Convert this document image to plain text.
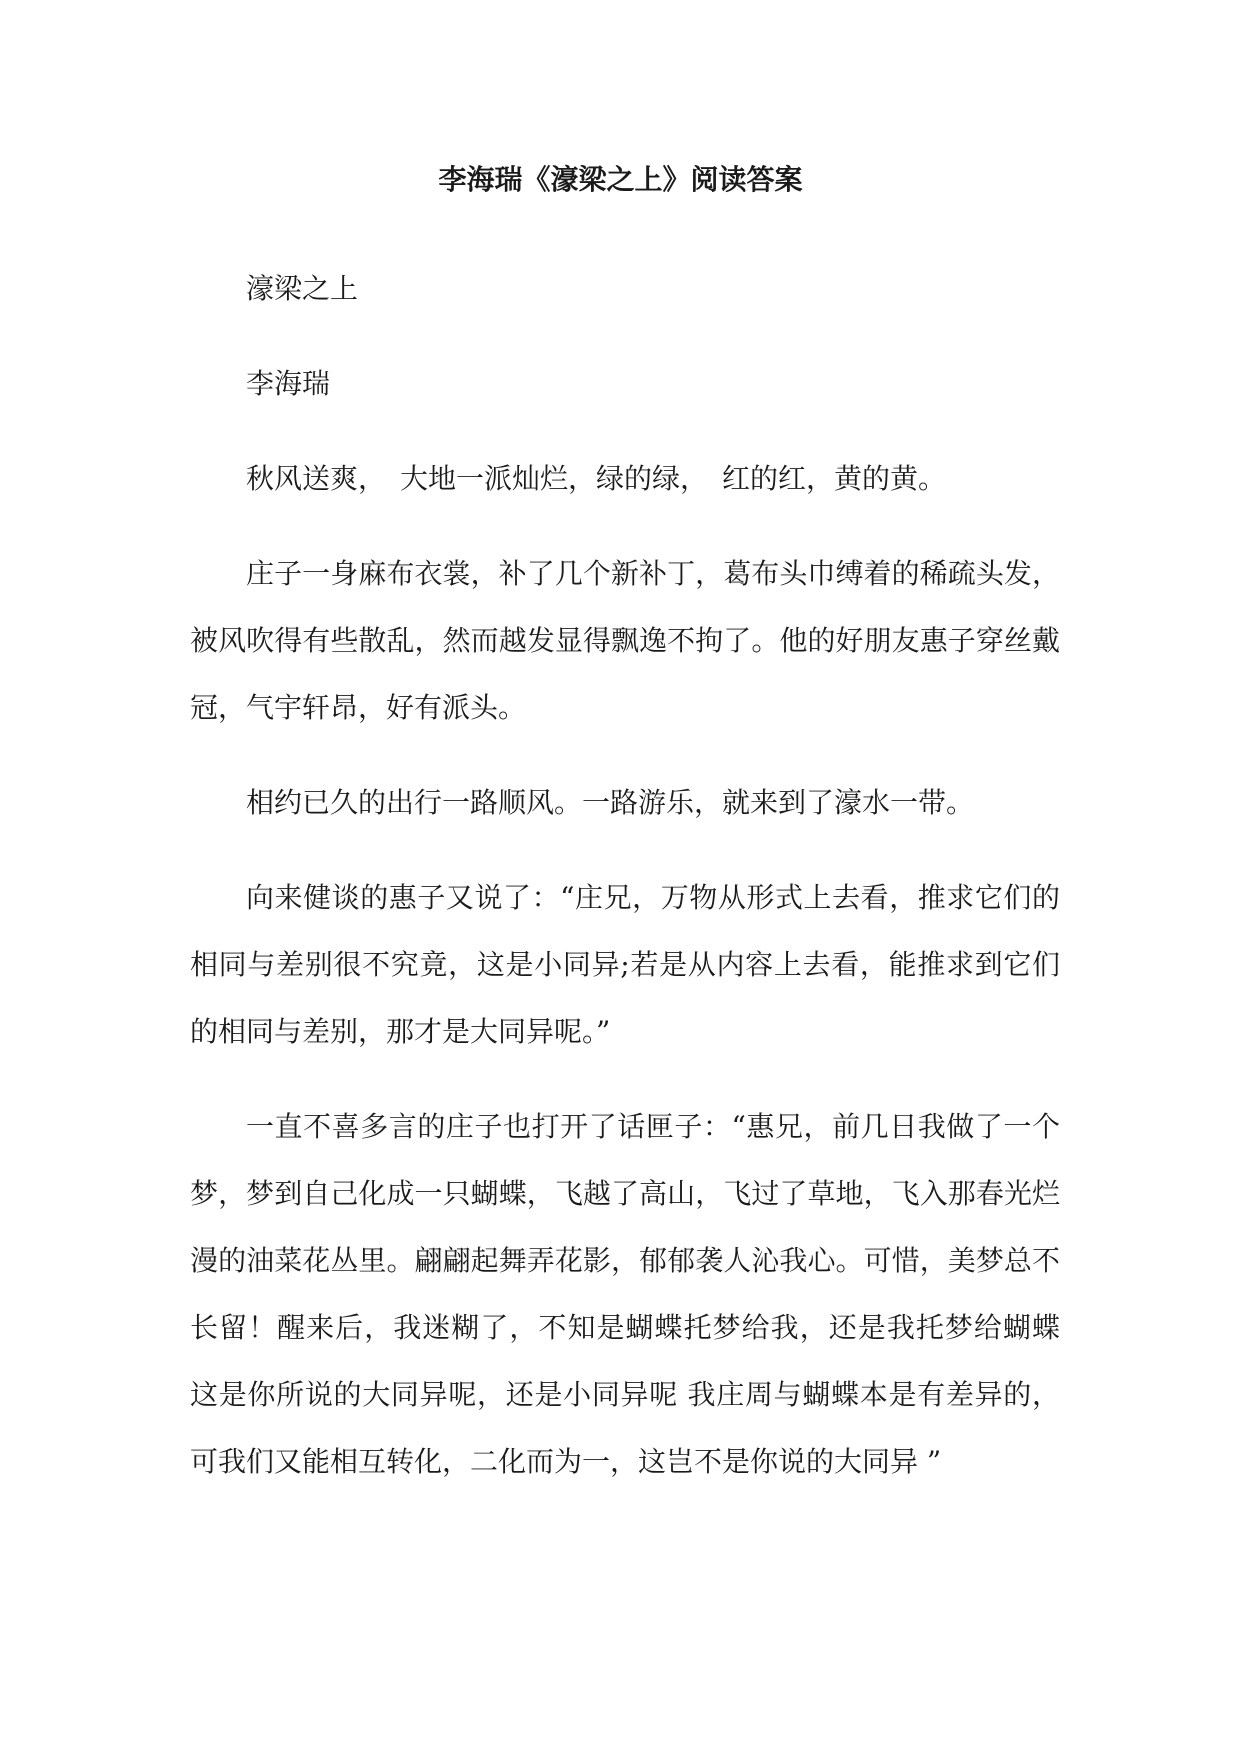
李海瑞《濠梁之上》阅读答案

濠梁之上

李海瑞

秋风送爽，　大地一派灿烂，绿的绿，　红的红，黄的黄。

庄子一身麻布衣裳，补了几个新补丁，葛布头巾缚着的稀疏头发，被风吹得有些散乱，然而越发显得飘逸不拘了。他的好朋友惠子穿丝戴冠，气宇轩昂，好有派头。

相约已久的出行一路顺风。一路游乐，就来到了濠水一带。

向来健谈的惠子又说了：“庄兄，万物从形式上去看，推求它们的相同与差别很不究竟，这是小同异;若是从内容上去看，能推求到它们的相同与差别，那才是大同异呢。”

一直不喜多言的庄子也打开了话匣子：“惠兄，前几日我做了一个梦，梦到自己化成一只蝴蝶，飞越了高山，飞过了草地，飞入那春光烂漫的油菜花丛里。翩翩起舞弄花影，郁郁袭人沁我心。可惜，美梦总不长留！醒来后，我迷糊了，不知是蝴蝶托梦给我，还是我托梦给蝴蝶 这是你所说的大同异呢，还是小同异呢 我庄周与蝴蝶本是有差异的，可我们又能相互转化，二化而为一，这岂不是你说的大同异 ”
